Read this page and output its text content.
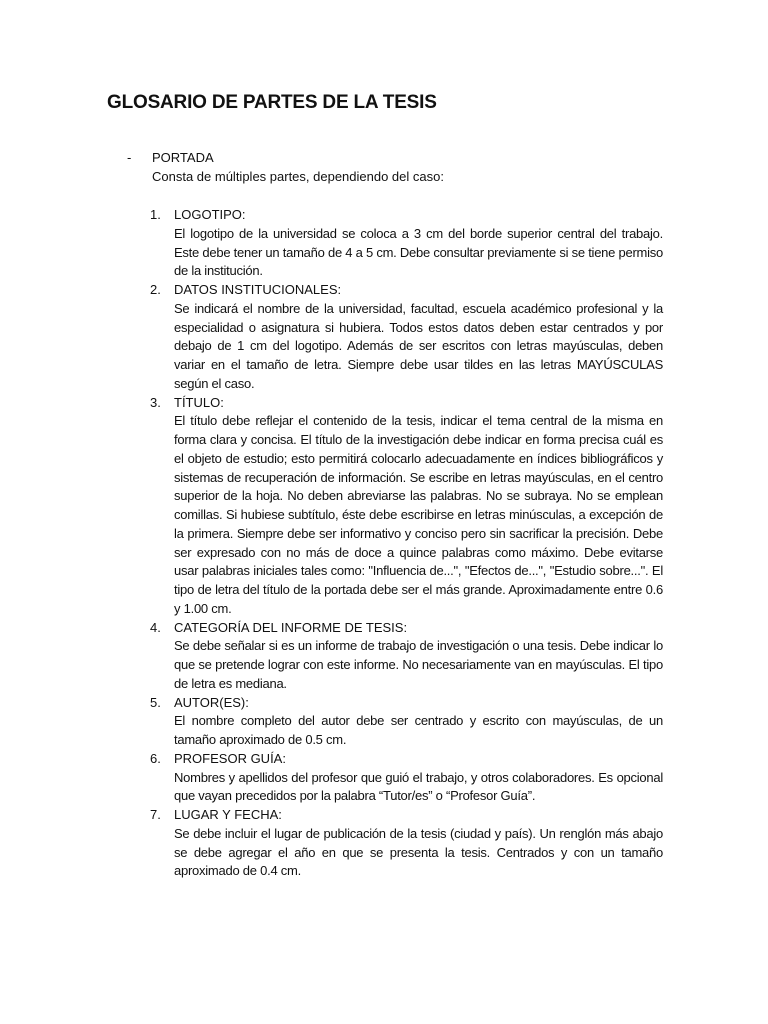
GLOSARIO DE PARTES DE LA TESIS
- PORTADA
Consta de múltiples partes, dependiendo del caso:
1. LOGOTIPO:

El logotipo de la universidad se coloca a 3 cm del borde superior central del trabajo. Este debe tener un tamaño de 4 a 5 cm. Debe consultar previamente si se tiene permiso de la institución.

2. DATOS INSTITUCIONALES:

Se indicará el nombre de la universidad, facultad, escuela académico profesional y la especialidad o asignatura si hubiera. Todos estos datos deben estar centrados y por debajo de 1 cm del logotipo. Además de ser escritos con letras mayúsculas, deben variar en el tamaño de letra. Siempre debe usar tildes en las letras MAYÚSCULAS según el caso.

3. TÍTULO:

El título debe reflejar el contenido de la tesis, indicar el tema central de la misma en forma clara y concisa. El título de la investigación debe indicar en forma precisa cuál es el objeto de estudio; esto permitirá colocarlo adecuadamente en índices bibliográficos y sistemas de recuperación de información. Se escribe en letras mayúsculas, en el centro superior de la hoja. No deben abreviarse las palabras. No se subraya. No se emplean comillas. Si hubiese subtítulo, éste debe escribirse en letras minúsculas, a excepción de la primera. Siempre debe ser informativo y conciso pero sin sacrificar la precisión. Debe ser expresado con no más de doce a quince palabras como máximo. Debe evitarse usar palabras iniciales tales como: "Influencia de...", "Efectos de...", "Estudio sobre...". El tipo de letra del título de la portada debe ser el más grande. Aproximadamente entre 0.6 y 1.00 cm.

4. CATEGORÍA DEL INFORME DE TESIS:

Se debe señalar si es un informe de trabajo de investigación o una tesis. Debe indicar lo que se pretende lograr con este informe. No necesariamente van en mayúsculas. El tipo de letra es mediana.

5. AUTOR(ES):

El nombre completo del autor debe ser centrado y escrito con mayúsculas, de un tamaño aproximado de 0.5 cm.

6. PROFESOR GUÍA:

Nombres y apellidos del profesor que guió el trabajo, y otros colaboradores. Es opcional que vayan precedidos por la palabra “Tutor/es” o “Profesor Guía”.

7. LUGAR Y FECHA:

Se debe incluir el lugar de publicación de la tesis (ciudad y país). Un renglón más abajo se debe agregar el año en que se presenta la tesis. Centrados y con un tamaño aproximado de 0.4 cm.
